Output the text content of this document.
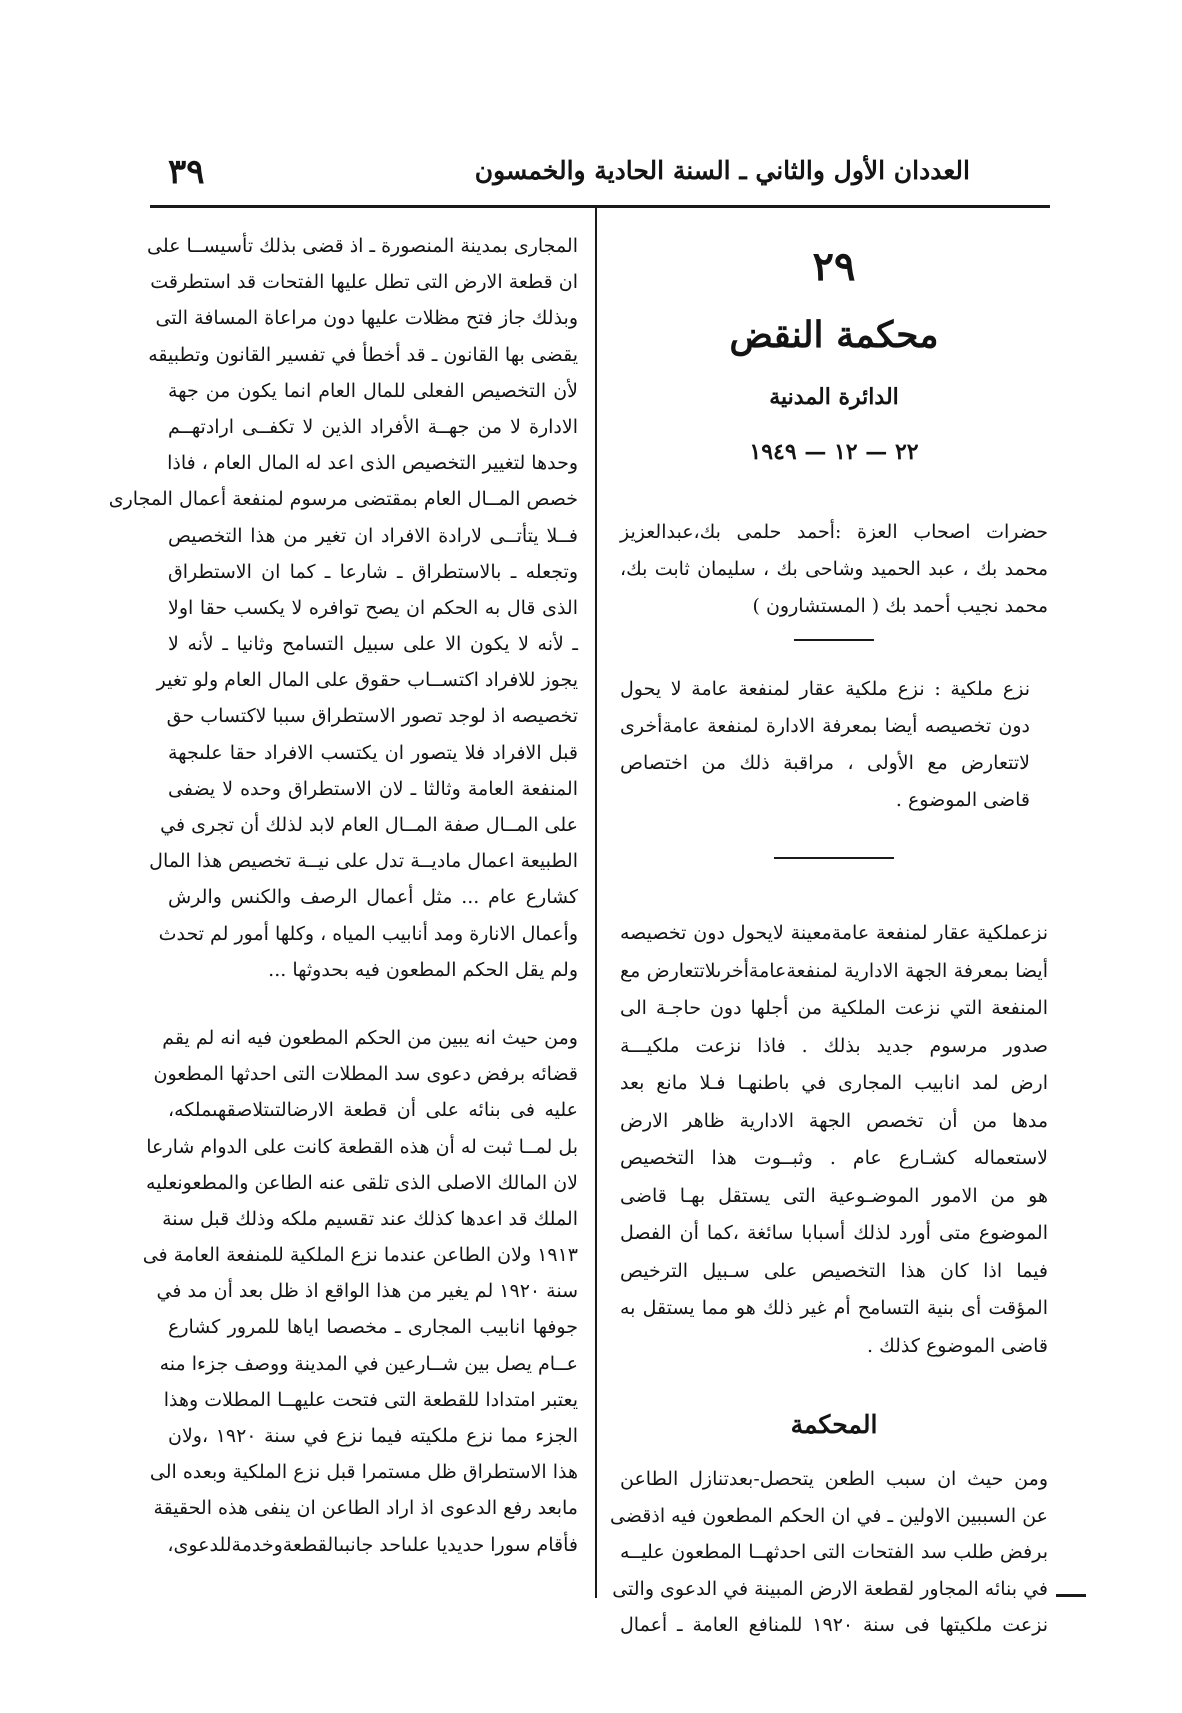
العددان الأول والثاني ـ السنة الحادية والخمسون
٣٩
٢٩
محكمة النقض
الدائرة المدنية
٢٢ — ١٢ — ١٩٤٩
حضرات اصحاب العزة :أحمد حلمى بك،عبدالعزيز
محمد بك ، عبد الحميد وشاحى بك ، سليمان ثابت بك،
محمد نجيب أحمد بك ( المستشارون )
نزع ملكية : نزع ملكية عقار لمنفعة عامة لا يحول
دون تخصيصه أيضا بمعرفة الادارة لمنفعة عامةأخرى
لاتتعارض مع الأولى ، مراقبة ذلك من اختصاص
قاضى الموضوع .
نزعملكية عقار لمنفعة عامةمعينة لايحول دون تخصيصه
أيضا بمعرفة الجهة الادارية لمنفعةعامةأخرىلاتتعارض مع
المنفعة التي نزعت الملكية من أجلها دون حاجـة الى
صدور مرسوم جديد بذلك . فاذا نزعت ملكيـــة
ارض لمد انابيب المجارى في باطنهـا فـلا مانع بعد
مدها من أن تخصص الجهة الادارية ظاهر الارض
لاستعماله كشـارع عام . وثبــوت هذا التخصيص
هو من الامور الموضـوعية التى يستقل بهـا قاضى
الموضوع متى أورد لذلك أسبابا سائغة ،كما أن الفصل
فيما اذا كان هذا التخصيص على سـبيل الترخيص
المؤقت أى بنية التسامح أم غير ذلك هو مما يستقل به
قاضى الموضوع كذلك .
المحكمة
ومن حيث ان سبب الطعن يتحصل-بعدتنازل الطاعن
عن السببين الاولين ـ في ان الحكم المطعون فيه اذقضى
برفض طلب سد الفتحات التى احدثهــا المطعون عليــه
في بنائه المجاور لقطعة الارض المبينة في الدعوى والتى
نزعت ملكيتها فى سنة ١٩٢٠ للمنافع العامة ـ أعمال
المجارى بمدينة المنصورة ـ اذ قضى بذلك تأسيســا على
ان قطعة الارض التى تطل عليها الفتحات قد استطرقت
وبذلك جاز فتح مظلات عليها دون مراعاة المسافة التى
يقضى بها القانون ـ قد أخطأ في تفسير القانون وتطبيقه
لأن التخصيص الفعلى للمال العام انما يكون من جهة
الادارة لا من جهــة الأفراد الذين لا تكفــى ارادتهــم
وحدها لتغيير التخصيص الذى اعد له المال العام ، فاذا
خصص المــال العام بمقتضى مرسوم لمنفعة أعمال المجارى
فــلا يتأتــى لارادة الافراد ان تغير من هذا التخصيص
وتجعله ـ بالاستطراق ـ شارعا ـ كما ان الاستطراق
الذى قال به الحكم ان يصح توافره لا يكسب حقا اولا
ـ لأنه لا يكون الا على سبيل التسامح وثانيا ـ لأنه لا
يجوز للافراد اكتســاب حقوق على المال العام ولو تغير
تخصيصه اذ لوجد تصور الاستطراق سببا لاكتساب حق
قبل الافراد فلا يتصور ان يكتسب الافراد حقا علىجهة
المنفعة العامة وثالثا ـ لان الاستطراق وحده لا يضفى
على المــال صفة المــال العام لابد لذلك أن تجرى في
الطبيعة اعمال ماديــة تدل على نيــة تخصيص هذا المال
كشارع عام ... مثل أعمال الرصف والكنس والرش
وأعمال الانارة ومد أنابيب المياه ، وكلها أمور لم تحدث
ولم يقل الحكم المطعون فيه بحدوثها ...
ومن حيث انه يبين من الحكم المطعون فيه انه لم يقم
قضائه برفض دعوى سد المطلات التى احدثها المطعون
عليه فى بنائه على أن قطعة الارضالتىتلاصقهىملكه،
بل لمــا ثبت له أن هذه القطعة كانت على الدوام شارعا
لان المالك الاصلى الذى تلقى عنه الطاعن والمطعونعليه
الملك قد اعدها كذلك عند تقسيم ملكه وذلك قبل سنة
١٩١٣ ولان الطاعن عندما نزع الملكية للمنفعة العامة فى
سنة ١٩٢٠ لم يغير من هذا الواقع اذ ظل بعد أن مد في
جوفها انابيب المجارى ـ مخصصا اياها للمرور كشارع
عــام يصل بين شــارعين في المدينة ووصف جزءا منه
يعتبر امتدادا للقطعة التى فتحت عليهــا المطلات وهذا
الجزء مما نزع ملكيته فيما نزع في سنة ١٩٢٠ ،ولان
هذا الاستطراق ظل مستمرا قبل نزع الملكية وبعده الى
مابعد رفع الدعوى اذ اراد الطاعن ان ينفى هذه الحقيقة
فأقام سورا حديديا علىاحد جانبىالقطعةوخدمةللدعوى،
